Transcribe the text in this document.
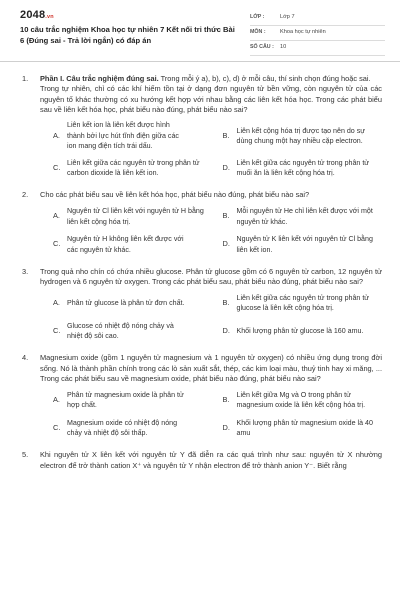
2048.vn
10 câu trắc nghiệm Khoa học tự nhiên 7 Kết nối tri thức Bài 6 (Đúng sai - Trả lời ngắn) có đáp án
LỚP :	Lớp 7
MÔN :	Khoa học tự nhiên
SỐ CÂU :	10
1. Phần I. Câu trắc nghiệm đúng sai. Trong mỗi ý a), b), c), d) ở mỗi câu, thí sinh chọn đúng hoặc sai.

Trong tự nhiên, chỉ có các khí hiếm tồn tại ở dạng đơn nguyên tử bền vững, còn nguyên tử của các nguyên tố khác thường có xu hướng kết hợp với nhau bằng các liên kết hóa học. Trong các phát biểu sau về liên kết hóa học, phát biểu nào đúng, phát biểu nào sai?

A.
Liên kết ion là liên kết được hình thành bởi lực hút tĩnh điện giữa các ion mang điện tích trái dấu.
B.
Liên kết cộng hóa trị được tạo nên do sự dùng chung một hay nhiều cặp electron.
C.
Liên kết giữa các nguyên tử trong phân tử carbon dioxide là liên kết ion.
D.
Liên kết giữa các nguyên tử trong phân tử muối ăn là liên kết cộng hóa trị.
2. Cho các phát biểu sau về liên kết hóa học, phát biểu nào đúng, phát biểu nào sai?
A.
Nguyên tử Cl liên kết với nguyên tử H bằng liên kết cộng hóa trị.
B.
Mỗi nguyên tử He chỉ liên kết được với một nguyên tử khác.
C.
Nguyên tử H không liên kết được với các nguyên tử khác.
D.
Nguyên tử K liên kết với nguyên tử Cl bằng liên kết ion.
3. Trong quả nho chín có chứa nhiều glucose. Phân tử glucose gồm có 6 nguyên tử carbon, 12 nguyên tử hydrogen và 6 nguyên tử oxygen. Trong các phát biểu sau, phát biểu nào đúng, phát biểu nào sai?
A. Phân tử glucose là phân tử đơn chất.	B.
Liên kết giữa các nguyên tử trong phân tử glucose là liên kết cộng hóa trị.
C.
Glucose có nhiệt độ nóng chảy và nhiệt độ sôi cao.
D. Khối lượng phân tử glucose là 160 amu.
4. Magnesium oxide (gồm 1 nguyên tử magnesium và 1 nguyên tử oxygen) có nhiều ứng dụng trong đời sống. Nó là thành phần chính trong các lò sản xuất sắt, thép, các kim loại màu, thuỷ tinh hay xi măng, ... Trong các phát biểu sau về magnesium oxide, phát biểu nào đúng, phát biểu nào sai?
A.
Phân tử magnesium oxide là phân tử hợp chất.
B.
Liên kết giữa Mg và O trong phân tử magnesium oxide là liên kết cộng hóa trị.
C.
Magnesium oxide có nhiệt độ nóng chảy và nhiệt độ sôi thấp.
D.
Khối lượng phân tử magnesium oxide là 40 amu
5. Khi nguyên tử X liên kết với nguyên tử Y đã diễn ra các quá trình như sau: nguyên tử X nhường electron để trở thành cation X⁺ và nguyên tử Y nhận electron để trở thành anion Y⁻. Biết rằng
